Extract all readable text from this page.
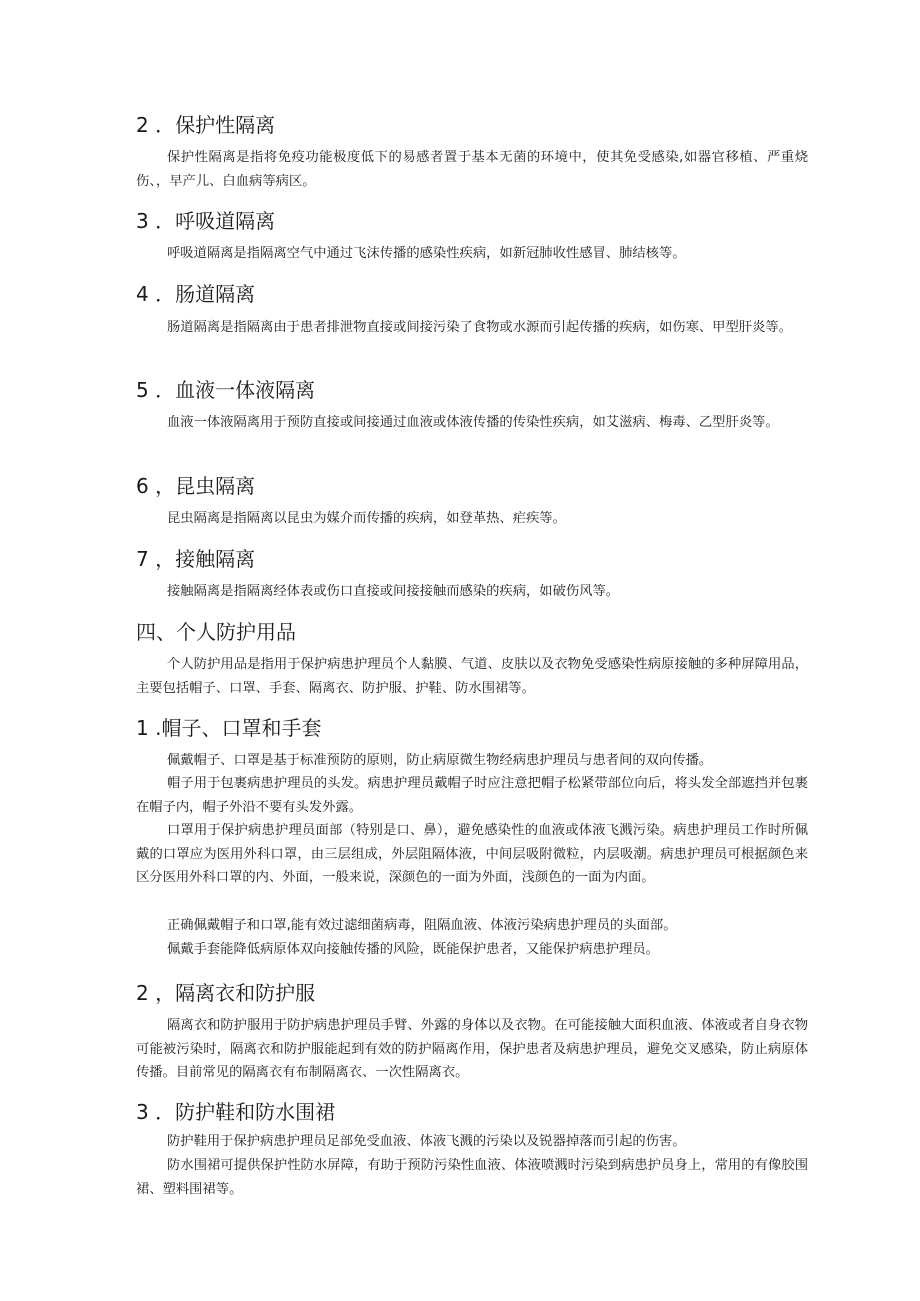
2 ．保护性隔离

保护性隔离是指将免疫功能极度低下的易感者置于基本无菌的环境中，使其免受感染,如器官移植、严重烧伤、，早产儿、白血病等病区。

3 ．呼吸道隔离

呼吸道隔离是指隔离空气中通过飞沫传播的感染性疾病，如新冠肺收性感冒、肺结核等。

4 ．肠道隔离

肠道隔离是指隔离由于患者排泄物直接或间接污染了食物或水源而引起传播的疾病，如伤寒、甲型肝炎等。

5 ．血液一体液隔离

血液一体液隔离用于预防直接或间接通过血液或体液传播的传染性疾病，如艾滋病、梅毒、乙型肝炎等。

6 ，昆虫隔离

昆虫隔离是指隔离以昆虫为媒介而传播的疾病，如登革热、疟疾等。

7 ，接触隔离

接触隔离是指隔离经体表或伤口直接或间接接触而感染的疾病，如破伤风等。

四、个人防护用品

个人防护用品是指用于保护病患护理员个人黏膜、气道、皮肤以及衣物免受感染性病原接触的多种屏障用品，主要包括帽子、口罩、手套、隔离衣、防护服、护鞋、防水围裙等。

1 .帽子、口罩和手套

佩戴帽子、口罩是基于标准预防的原则，防止病原微生物经病患护理员与患者间的双向传播。

帽子用于包裹病患护理员的头发。病患护理员戴帽子时应注意把帽子松紧带部位向后，将头发全部遮挡并包裹在帽子内，帽子外沿不要有头发外露。

口罩用于保护病患护理员面部（特别是口、鼻），避免感染性的血液或体液飞溅污染。病患护理员工作时所佩戴的口罩应为医用外科口罩，由三层组成，外层阻隔体液，中间层吸附微粒，内层吸潮。病患护理员可根据颜色来区分医用外科口罩的内、外面，一般来说，深颜色的一面为外面，浅颜色的一面为内面。

正确佩戴帽子和口罩,能有效过滤细菌病毒，阻隔血液、体液污染病患护理员的头面部。

佩戴手套能降低病原体双向接触传播的风险，既能保护患者，又能保护病患护理员。

2 ，隔离衣和防护服

隔离衣和防护服用于防护病患护理员手臂、外露的身体以及衣物。在可能接触大面积血液、体液或者自身衣物可能被污染时，隔离衣和防护服能起到有效的防护隔离作用，保护患者及病患护理员，避免交叉感染，防止病原体传播。目前常见的隔离衣有布制隔离衣、一次性隔离衣。

3 ．防护鞋和防水围裙

防护鞋用于保护病患护理员足部免受血液、体液飞溅的污染以及锐器掉落而引起的伤害。

防水围裙可提供保护性防水屏障，有助于预防污染性血液、体液喷溅时污染到病患护员身上，常用的有像胶围裙、塑料围裙等。
